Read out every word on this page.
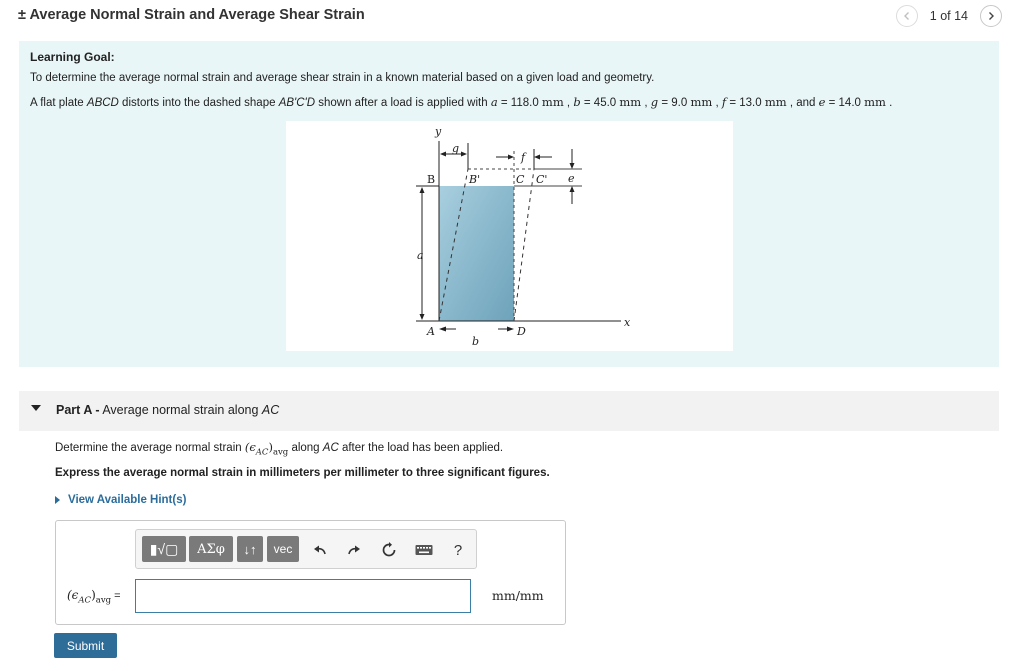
± Average Normal Strain and Average Shear Strain	1 of 14
Learning Goal:
To determine the average normal strain and average shear strain in a known material based on a given load and geometry.
A flat plate ABCD distorts into the dashed shape AB'C'D shown after a load is applied with a = 118.0 mm , b = 45.0 mm , g = 9.0 mm , f = 13.0 mm , and e = 14.0 mm .
y
g
f
e
B	B'	C C'
a
A
b
D
x
Part A - Average normal strain along AC
Determine the average normal strain $(\epsilon_{AC})_{avg}$ along AC after the load has been applied.
Express the average normal strain in millimeters per millimeter to three significant figures.
View Available Hint(s)
▮√▢	ΑΣφ	↓↑	vec	?
$(\epsilon_{AC})_{avg}$ =	mm/mm
Submit
